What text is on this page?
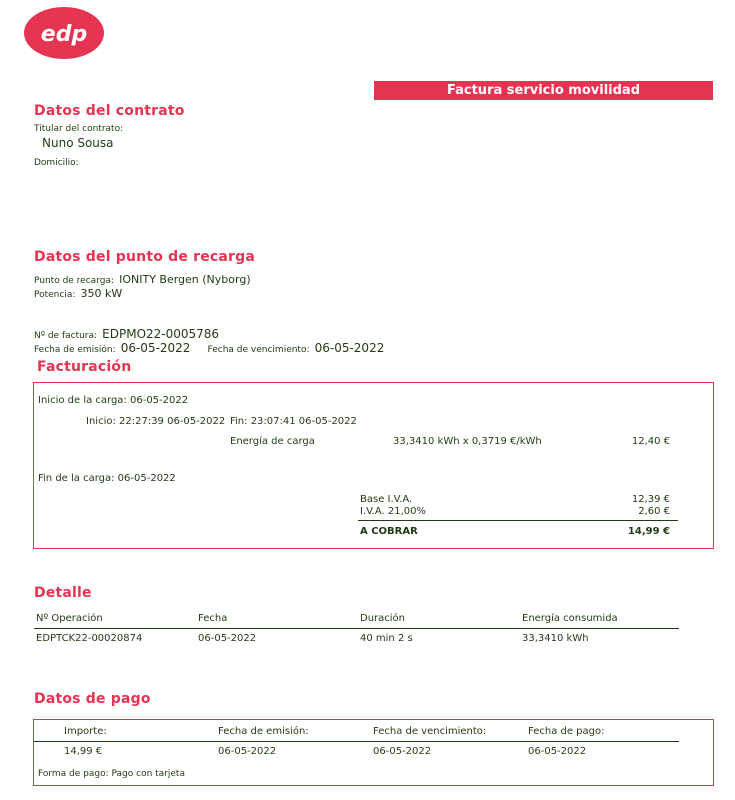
edp
Factura servicio movilidad
Datos del contrato
Titular del contrato:
Nuno Sousa
Domicilio:
Datos del punto de recarga
Punto de recarga: IONITY Bergen (Nyborg)
Potencia: 350 kW
Nº de factura: EDPMO22-0005786
Fecha de emisión: 06-05-2022 Fecha de vencimiento: 06-05-2022
Facturación
Inicio de la carga: 06-05-2022
Inicio: 22:27:39 06-05-2022 Fin: 23:07:41 06-05-2022
Energía de carga	33,3410 kWh x 0,3719 €/kWh	12,40 €
Fin de la carga: 06-05-2022
Base I.V.A.	12,39 €
I.V.A. 21,00%	2,60 €
A COBRAR	14,99 €
Detalle
Nº Operación	Fecha	Duración	Energía consumida
EDPTCK22-00020874	06-05-2022	40 min 2 s	33,3410 kWh
Datos de pago
Importe:	Fecha de emisión:	Fecha de vencimiento:	Fecha de pago:
14,99 €	06-05-2022	06-05-2022	06-05-2022
Forma de pago: Pago con tarjeta
